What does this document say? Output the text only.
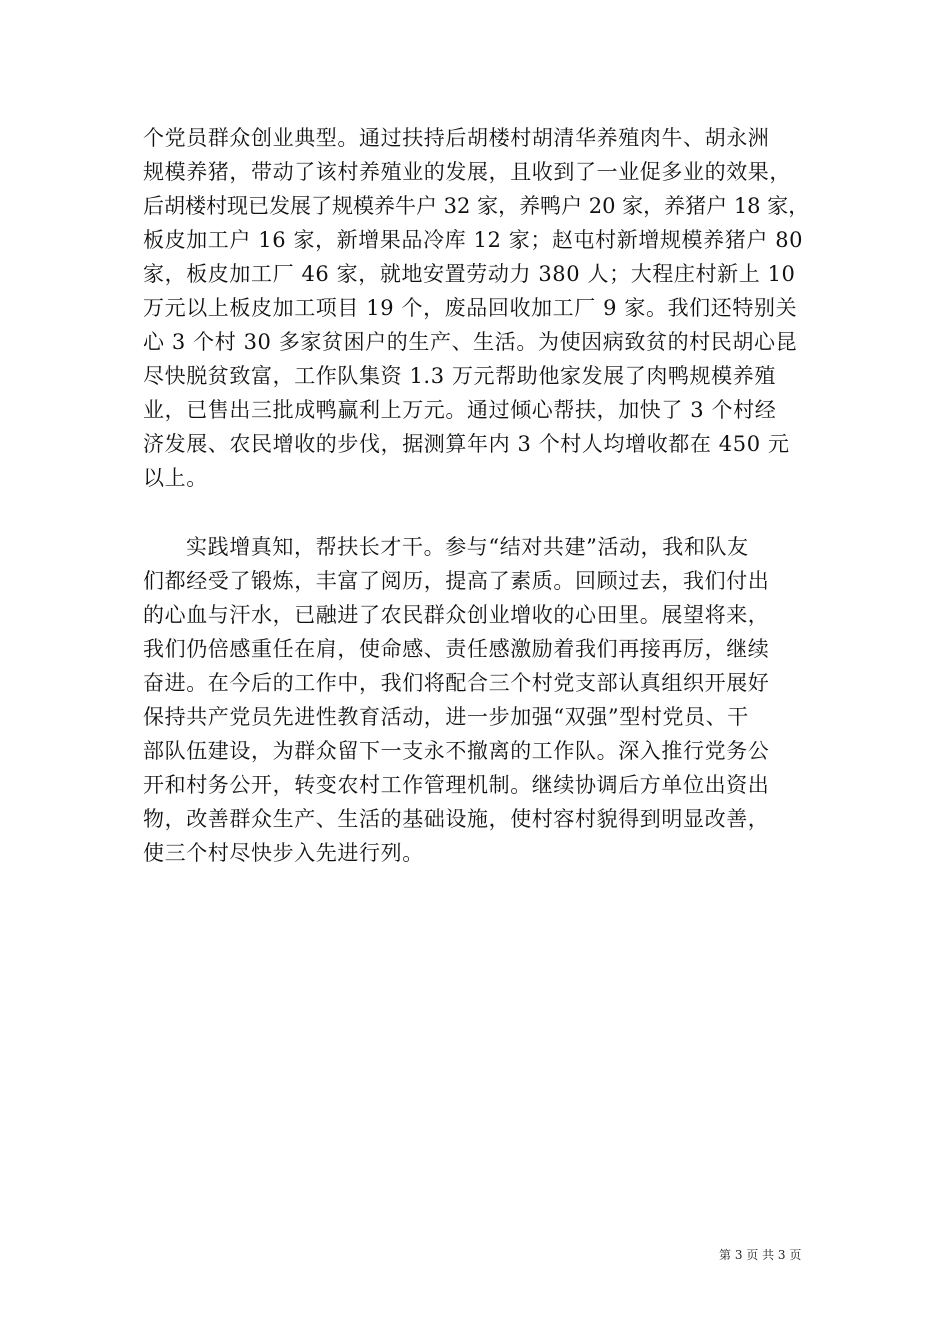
个党员群众创业典型。通过扶持后胡楼村胡清华养殖肉牛、胡永洲
规模养猪，带动了该村养殖业的发展，且收到了一业促多业的效果，
后胡楼村现已发展了规模养牛户 32 家，养鸭户 20 家，养猪户 18 家，
板皮加工户 16 家，新增果品冷库 12 家；赵屯村新增规模养猪户 80
家，板皮加工厂 46 家，就地安置劳动力 380 人；大程庄村新上 10
万元以上板皮加工项目 19 个，废品回收加工厂 9 家。我们还特别关
心 3 个村 30 多家贫困户的生产、生活。为使因病致贫的村民胡心昆
尽快脱贫致富，工作队集资 1.3 万元帮助他家发展了肉鸭规模养殖
业，已售出三批成鸭赢利上万元。通过倾心帮扶，加快了 3 个村经
济发展、农民增收的步伐，据测算年内 3 个村人均增收都在 450 元
以上。
实践增真知，帮扶长才干。参与“结对共建”活动，我和队友
们都经受了锻炼，丰富了阅历，提高了素质。回顾过去，我们付出
的心血与汗水，已融进了农民群众创业增收的心田里。展望将来，
我们仍倍感重任在肩，使命感、责任感激励着我们再接再厉，继续
奋进。在今后的工作中，我们将配合三个村党支部认真组织开展好
保持共产党员先进性教育活动，进一步加强“双强”型村党员、干
部队伍建设，为群众留下一支永不撤离的工作队。深入推行党务公
开和村务公开，转变农村工作管理机制。继续协调后方单位出资出
物，改善群众生产、生活的基础设施，使村容村貌得到明显改善，
使三个村尽快步入先进行列。
第 3 页 共 3 页
